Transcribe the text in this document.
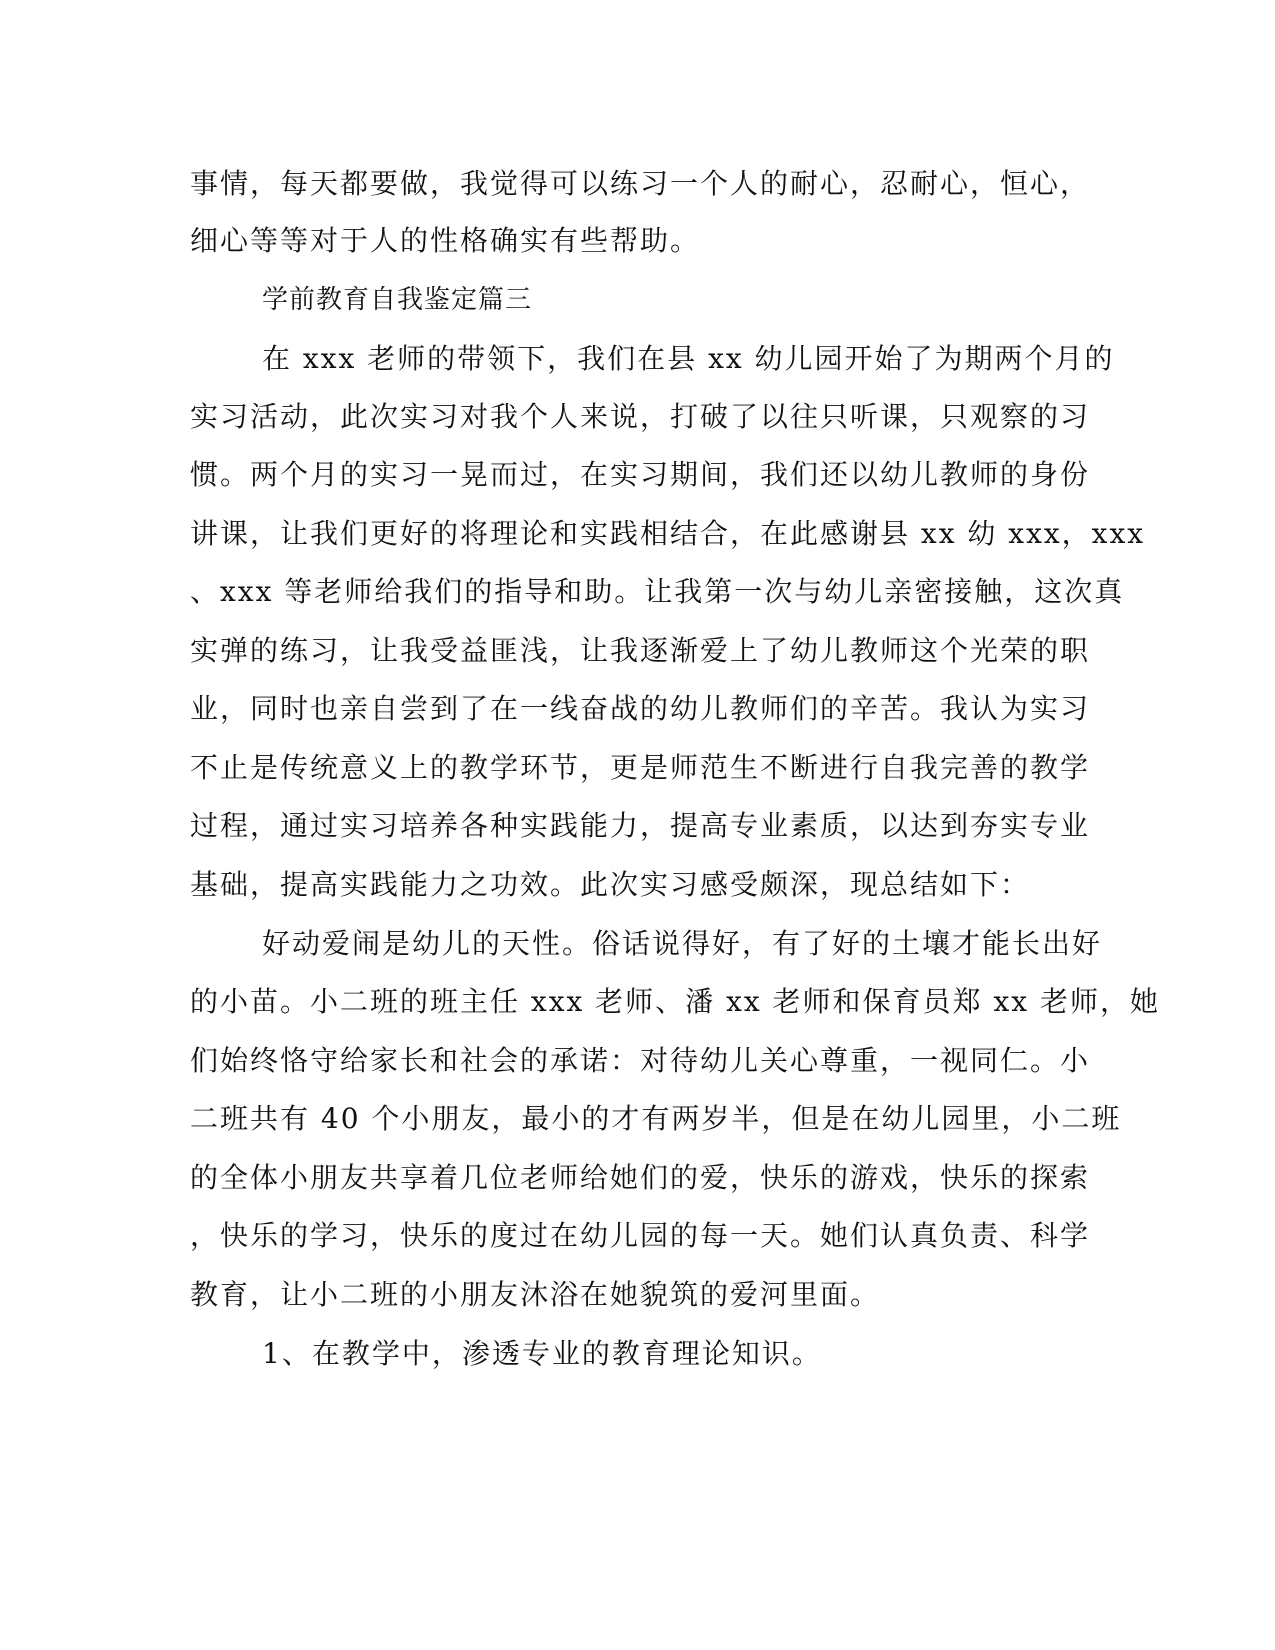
事情，每天都要做，我觉得可以练习一个人的耐心，忍耐心，恒心，
细心等等对于人的性格确实有些帮助。
学前教育自我鉴定篇三
在 xxx 老师的带领下，我们在县 xx 幼儿园开始了为期两个月的
实习活动，此次实习对我个人来说，打破了以往只听课，只观察的习
惯。两个月的实习一晃而过，在实习期间，我们还以幼儿教师的身份
讲课，让我们更好的将理论和实践相结合，在此感谢县 xx 幼 xxx，xxx
、xxx 等老师给我们的指导和助。让我第一次与幼儿亲密接触，这次真
实弹的练习，让我受益匪浅，让我逐渐爱上了幼儿教师这个光荣的职
业，同时也亲自尝到了在一线奋战的幼儿教师们的辛苦。我认为实习
不止是传统意义上的教学环节，更是师范生不断进行自我完善的教学
过程，通过实习培养各种实践能力，提高专业素质，以达到夯实专业
基础，提高实践能力之功效。此次实习感受颇深，现总结如下：
好动爱闹是幼儿的天性。俗话说得好，有了好的土壤才能长出好
的小苗。小二班的班主任 xxx 老师、潘 xx 老师和保育员郑 xx 老师，她
们始终恪守给家长和社会的承诺：对待幼儿关心尊重，一视同仁。小
二班共有 40 个小朋友，最小的才有两岁半，但是在幼儿园里，小二班
的全体小朋友共享着几位老师给她们的爱，快乐的游戏，快乐的探索
，快乐的学习，快乐的度过在幼儿园的每一天。她们认真负责、科学
教育，让小二班的小朋友沐浴在她貌筑的爱河里面。
1、在教学中，渗透专业的教育理论知识。
